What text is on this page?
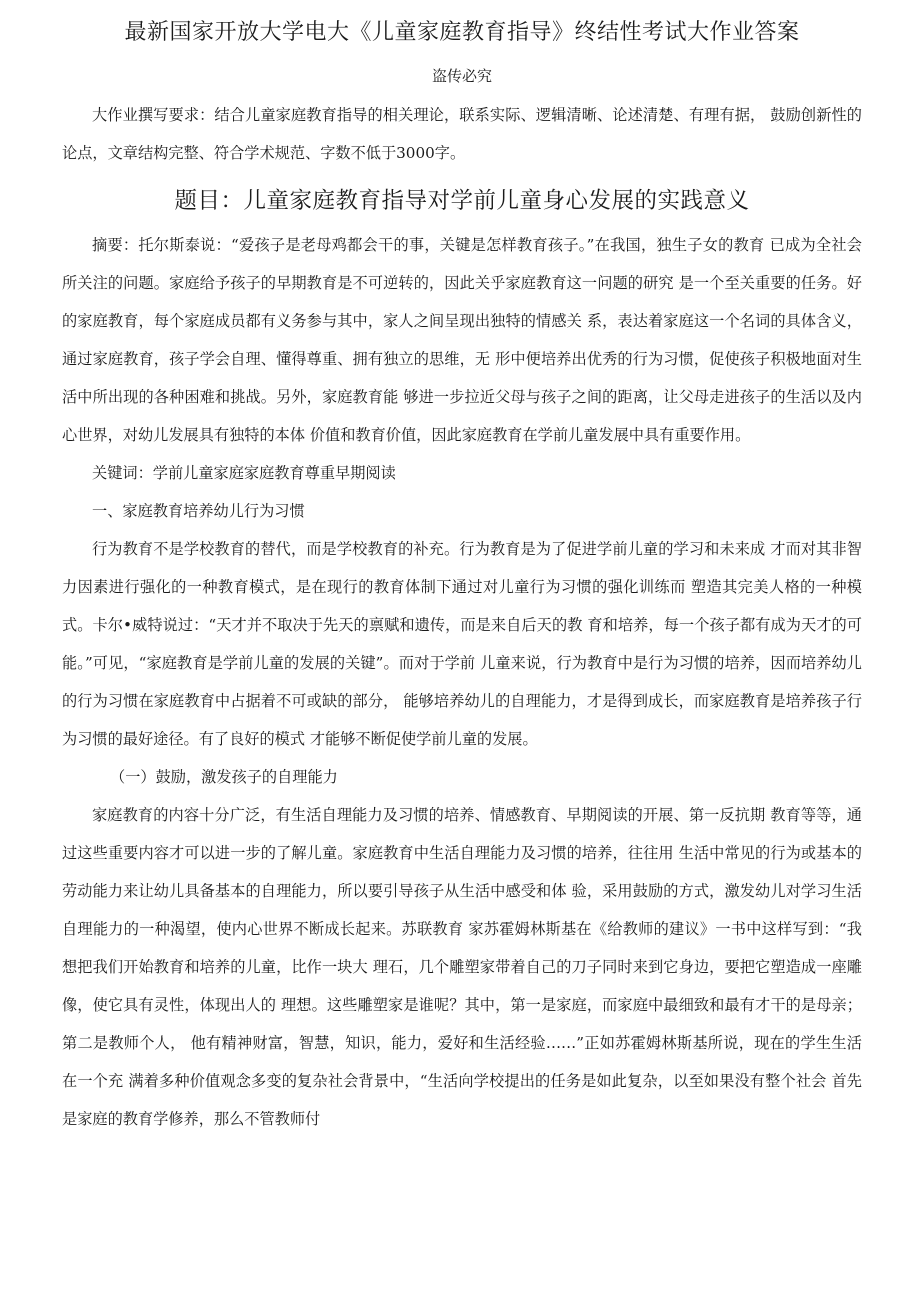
最新国家开放大学电大《儿童家庭教育指导》终结性考试大作业答案
盗传必究

大作业撰写要求：结合儿童家庭教育指导的相关理论，联系实际、逻辑清晰、论述清楚、有理有据， 鼓励创新性的论点，文章结构完整、符合学术规范、字数不低于3000字。

题目：儿童家庭教育指导对学前儿童身心发展的实践意义

摘要：托尔斯泰说：“爱孩子是老母鸡都会干的事，关键是怎样教育孩子。”在我国，独生子女的教育 已成为全社会所关注的问题。家庭给予孩子的早期教育是不可逆转的，因此关乎家庭教育这一问题的研究 是一个至关重要的任务。好的家庭教育，每个家庭成员都有义务参与其中，家人之间呈现出独特的情感关 系，表达着家庭这一个名词的具体含义，通过家庭教育，孩子学会自理、懂得尊重、拥有独立的思维，无 形中便培养出优秀的行为习惯，促使孩子积极地面对生活中所出现的各种困难和挑战。另外，家庭教育能 够进一步拉近父母与孩子之间的距离，让父母走进孩子的生活以及内心世界，对幼儿发展具有独特的本体 价值和教育价值，因此家庭教育在学前儿童发展中具有重要作用。

关键词：学前儿童家庭家庭教育尊重早期阅读

一、家庭教育培养幼儿行为习惯

行为教育不是学校教育的替代，而是学校教育的补充。行为教育是为了促进学前儿童的学习和未来成 才而对其非智力因素进行强化的一种教育模式，是在现行的教育体制下通过对儿童行为习惯的强化训练而 塑造其完美人格的一种模式。卡尔•威特说过：“天才并不取决于先天的禀赋和遗传，而是来自后天的教 育和培养，每一个孩子都有成为天才的可能。”可见，“家庭教育是学前儿童的发展的关键”。而对于学前 儿童来说，行为教育中是行为习惯的培养，因而培养幼儿的行为习惯在家庭教育中占据着不可或缺的部分， 能够培养幼儿的自理能力，才是得到成长，而家庭教育是培养孩子行为习惯的最好途径。有了良好的模式 才能够不断促使学前儿童的发展。

（一）鼓励，激发孩子的自理能力

家庭教育的内容十分广泛，有生活自理能力及习惯的培养、情感教育、早期阅读的开展、第一反抗期 教育等等，通过这些重要内容才可以进一步的了解儿童。家庭教育中生活自理能力及习惯的培养，往往用 生活中常见的行为或基本的劳动能力来让幼儿具备基本的自理能力，所以要引导孩子从生活中感受和体 验，采用鼓励的方式，激发幼儿对学习生活自理能力的一种渴望，使内心世界不断成长起来。苏联教育 家苏霍姆林斯基在《给教师的建议》一书中这样写到：“我想把我们开始教育和培养的儿童，比作一块大 理石，几个雕塑家带着自己的刀子同时来到它身边，要把它塑造成一座雕像，使它具有灵性，体现出人的 理想。这些雕塑家是谁呢？其中，第一是家庭，而家庭中最细致和最有才干的是母亲；第二是教师个人， 他有精神财富，智慧，知识，能力，爱好和生活经验……”正如苏霍姆林斯基所说，现在的学生生活在一个充 满着多种价值观念多变的复杂社会背景中，“生活向学校提出的任务是如此复杂，以至如果没有整个社会 首先是家庭的教育学修养，那么不管教师付
